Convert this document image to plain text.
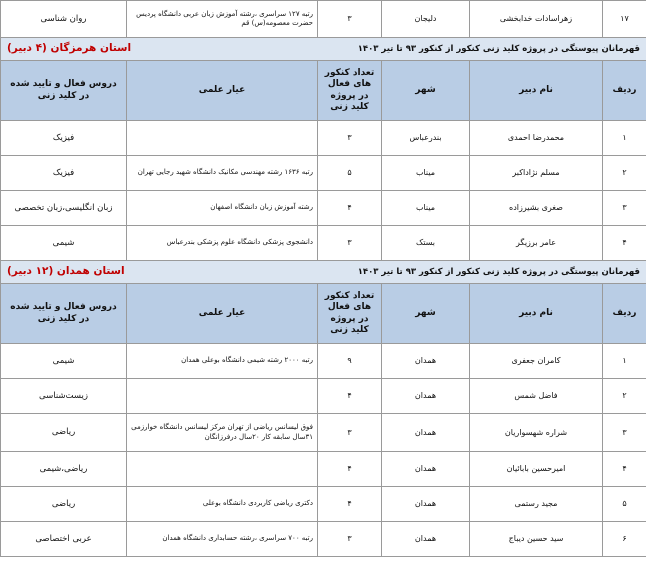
۱۷	زهراسادات خدابخشی	دلیجان	۳	رتبه ۱۲۷ سراسری ،رشته آموزش زبان عربی دانشگاه پردیس حضرت معصومه(س) قم	روان شناسی

قهرمانان پیوستگی در پروژه کلید زنی کنکور از کنکور ۹۳ تا تیر ۱۴۰۳
استان هرمزگان (۴ دبیر)					

ردیف	نام دبیر	شهر	تعداد کنکور های فعال در پروژه کلید زنی	عیار علمی	دروس فعال و تایید شده در کلید زنی
۱	محمدرضا احمدی	بندرعباس	۳		فیزیک
۲	مسلم نژاداکبر	میناب	۵	رتبه ۱۶۳۶ رشته مهندسی مکانیک دانشگاه شهید رجایی تهران	فیزیک
۳	صغری بشیرزاده	میناب	۴	رشته آموزش زبان دانشگاه اصفهان	زبان انگلیسی،زبان تخصصی
۴	عامر برزیگر	بستک	۳	دانشجوی پزشکی دانشگاه علوم پزشکی بندرعباس	شیمی

قهرمانان پیوستگی در پروژه کلید زنی کنکور از کنکور ۹۳ تا تیر ۱۴۰۳
استان همدان (۱۲ دبیر)					

ردیف	نام دبیر	شهر	تعداد کنکور های فعال در پروژه کلید زنی	عیار علمی	دروس فعال و تایید شده در کلید زنی
۱	کامران جعفری	همدان	۹	رتبه ۲۰۰۰ رشته شیمی دانشگاه بوعلی همدان	شیمی
۲	فاضل شمس	همدان	۴		زیست‌شناسی
۳	شراره شهسواریان	همدان	۳	فوق لیسانس ریاضی از تهران مرکز لیسانس دانشگاه خوارزمی ۳۱سال سابقه کار ۲۰سال درفرزانگان	ریاضی
۴	امیرحسین بابائیان	همدان	۴		ریاضی،شیمی
۵	مجید رستمی	همدان	۴	دکتری ریاضی کاربردی دانشگاه بوعلی	ریاضی
۶	سید حسین دیباج	همدان	۳	رتبه ۷۰۰ سراسری ،رشته حسابداری دانشگاه همدان	عربی اختصاصی
